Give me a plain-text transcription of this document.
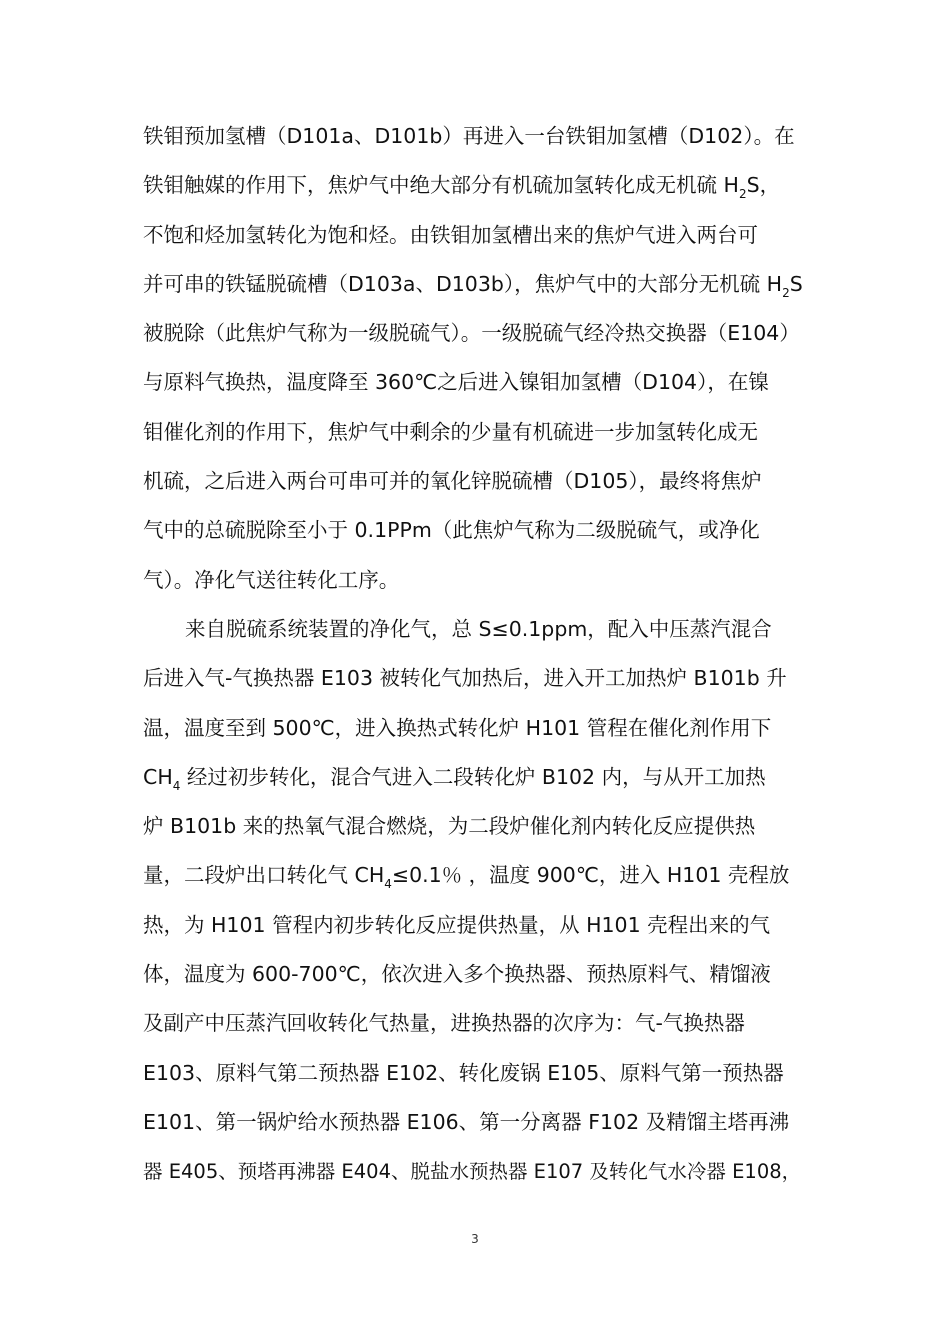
铁钼预加氢槽（D101a、D101b）再进入一台铁钼加氢槽（D102）。在
铁钼触媒的作用下，焦炉气中绝大部分有机硫加氢转化成无机硫 $H_2S$，
不饱和烃加氢转化为饱和烃。由铁钼加氢槽出来的焦炉气进入两台可
并可串的铁锰脱硫槽（D103a、D103b），焦炉气中的大部分无机硫 $H_2S$
被脱除（此焦炉气称为一级脱硫气）。一级脱硫气经冷热交换器（E104）
与原料气换热，温度降至 360℃之后进入镍钼加氢槽（D104），在镍
钼催化剂的作用下，焦炉气中剩余的少量有机硫进一步加氢转化成无
机硫，之后进入两台可串可并的氧化锌脱硫槽（D105），最终将焦炉
气中的总硫脱除至小于 0.1PPm（此焦炉气称为二级脱硫气，或净化
气）。净化气送往转化工序。
来自脱硫系统装置的净化气，总 S≤0.1ppm，配入中压蒸汽混合
后进入气-气换热器 E103 被转化气加热后，进入开工加热炉 B101b 升
温，温度至到 500℃，进入换热式转化炉 H101 管程在催化剂作用下
$CH_4$ 经过初步转化，混合气进入二段转化炉 B102 内，与从开工加热
炉 B101b 来的热氧气混合燃烧，为二段炉催化剂内转化反应提供热
量，二段炉出口转化气 $CH_4\le 0.1$％ ，温度 900℃，进入 H101 壳程放
热，为 H101 管程内初步转化反应提供热量，从 H101 壳程出来的气
体，温度为 600-700℃，依次进入多个换热器、预热原料气、精馏液
及副产中压蒸汽回收转化气热量，进换热器的次序为：气-气换热器
E103、原料气第二预热器 E102、转化废锅 E105、原料气第一预热器
E101、第一锅炉给水预热器 E106、第一分离器 F102 及精馏主塔再沸
器 E405、预塔再沸器 E404、脱盐水预热器 E107 及转化气水冷器 E108，
3
